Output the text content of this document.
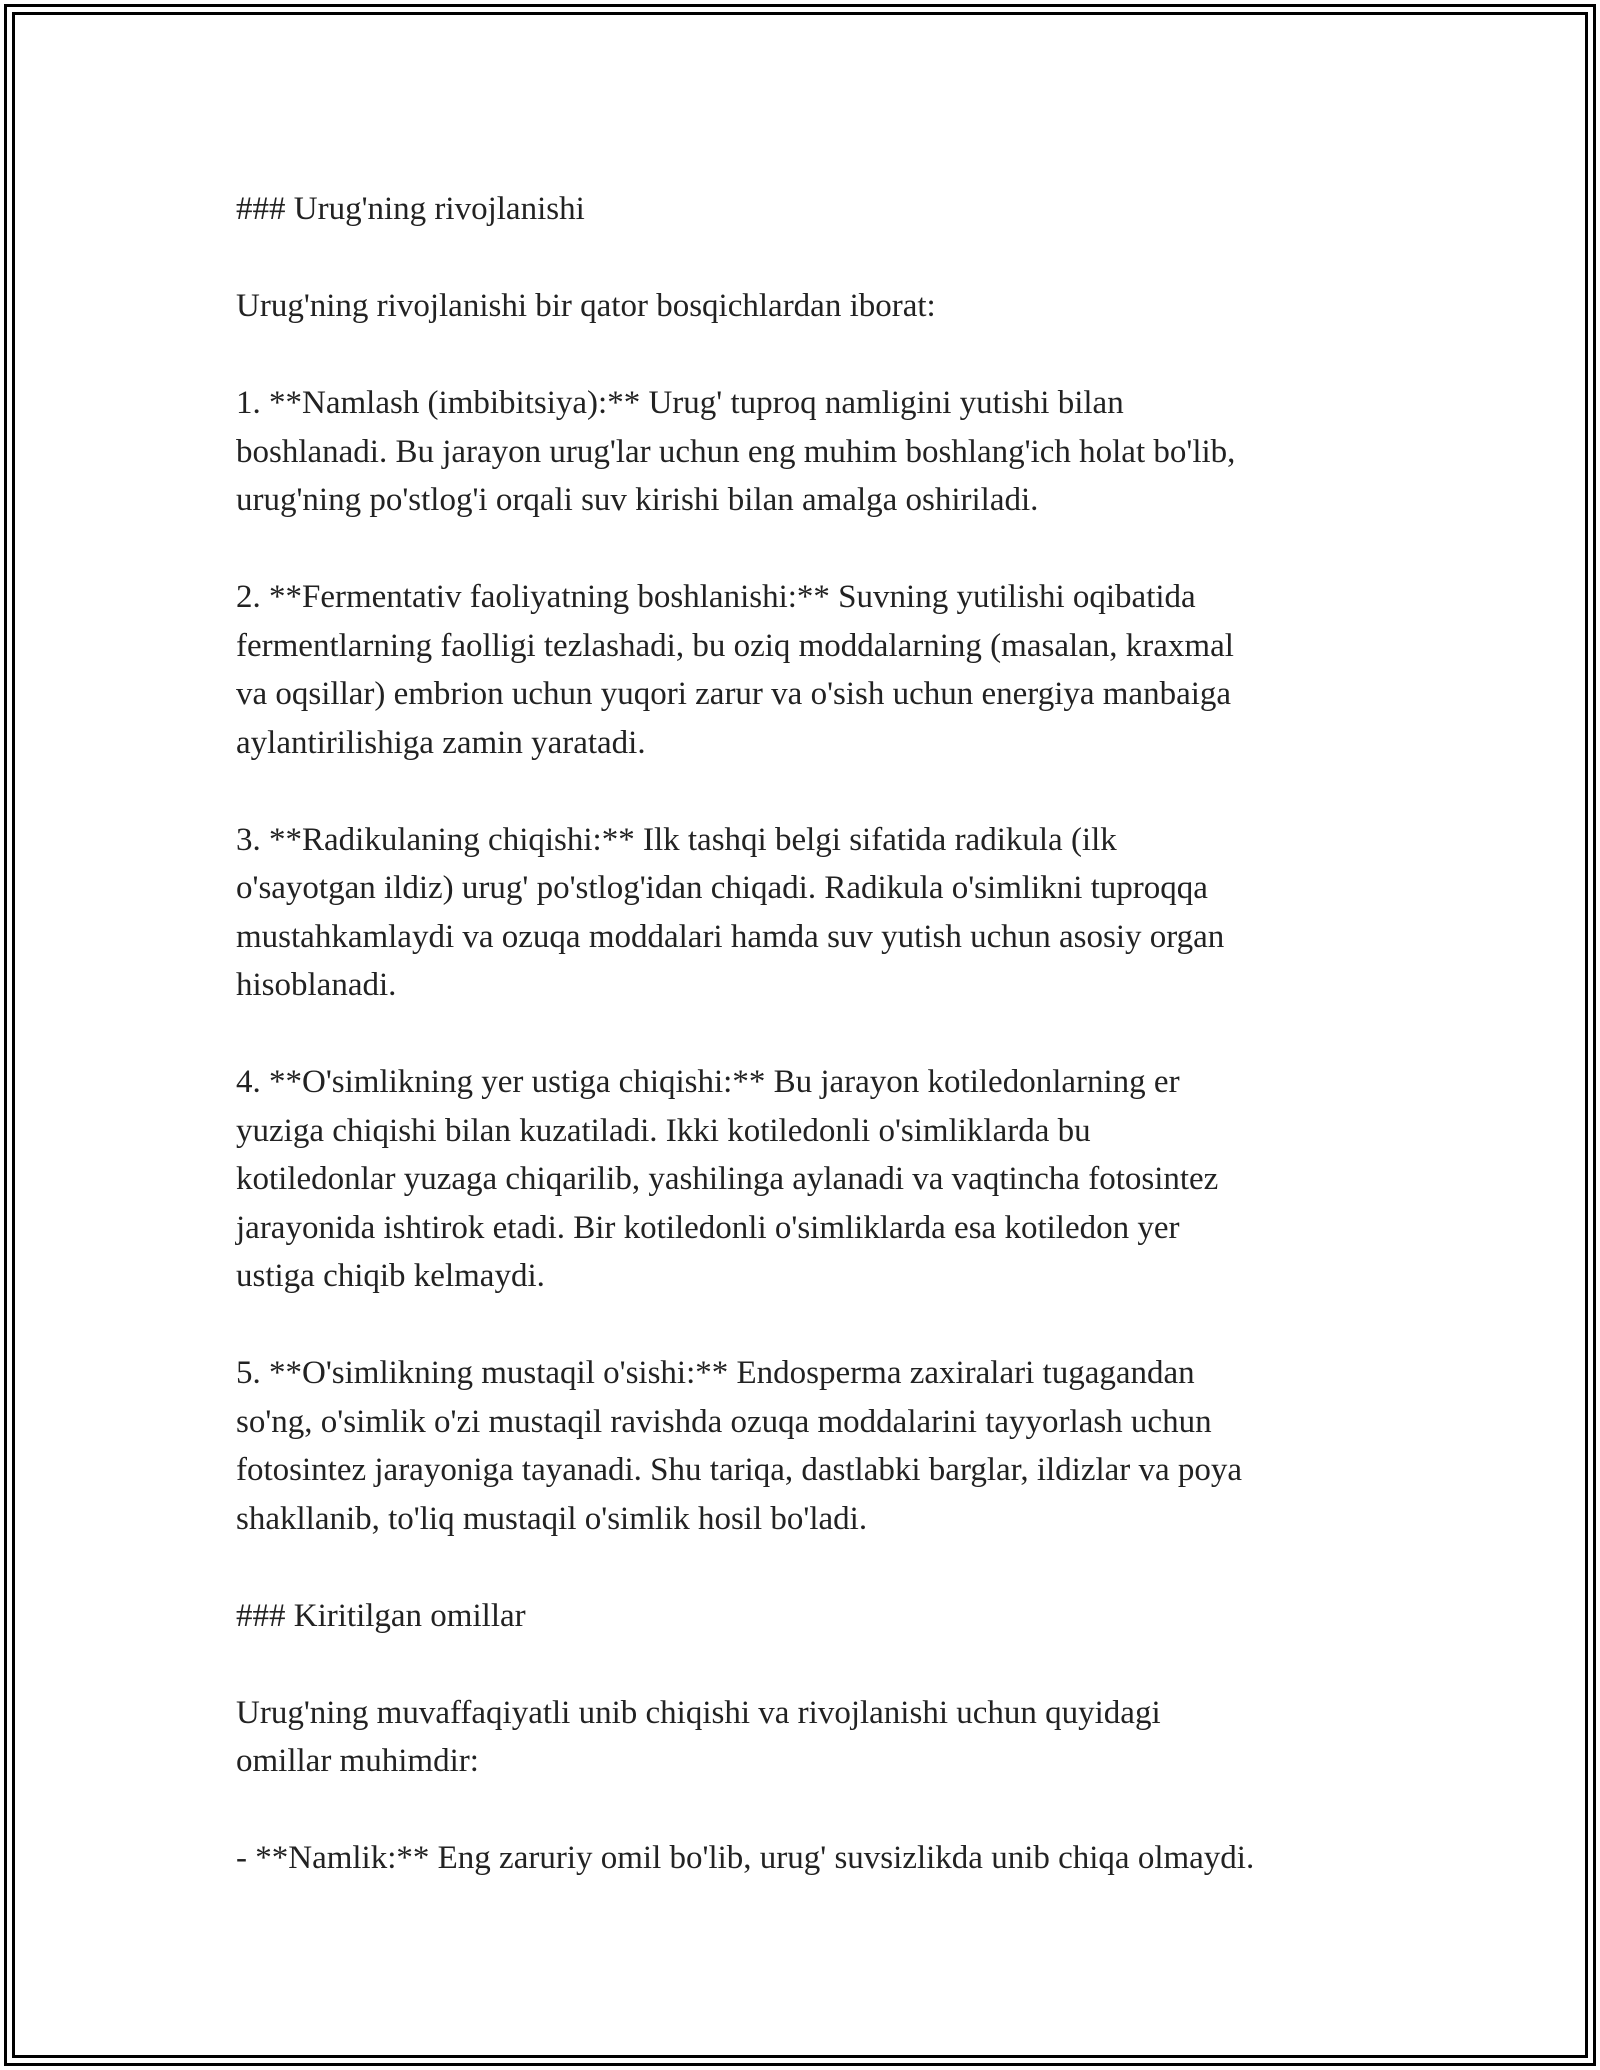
### Urug'ning rivojlanishi

Urug'ning rivojlanishi bir qator bosqichlardan iborat:

1. **Namlash (imbibitsiya):** Urug' tuproq namligini yutishi bilan
boshlanadi. Bu jarayon urug'lar uchun eng muhim boshlang'ich holat bo'lib,
urug'ning po'stlog'i orqali suv kirishi bilan amalga oshiriladi.

2. **Fermentativ faoliyatning boshlanishi:** Suvning yutilishi oqibatida
fermentlarning faolligi tezlashadi, bu oziq moddalarning (masalan, kraxmal
va oqsillar) embrion uchun yuqori zarur va o'sish uchun energiya manbaiga
aylantirilishiga zamin yaratadi.

3. **Radikulaning chiqishi:** Ilk tashqi belgi sifatida radikula (ilk
o'sayotgan ildiz) urug' po'stlog'idan chiqadi. Radikula o'simlikni tuproqqa
mustahkamlaydi va ozuqa moddalari hamda suv yutish uchun asosiy organ
hisoblanadi.

4. **O'simlikning yer ustiga chiqishi:** Bu jarayon kotiledonlarning er
yuziga chiqishi bilan kuzatiladi. Ikki kotiledonli o'simliklarda bu
kotiledonlar yuzaga chiqarilib, yashilinga aylanadi va vaqtincha fotosintez
jarayonida ishtirok etadi. Bir kotiledonli o'simliklarda esa kotiledon yer
ustiga chiqib kelmaydi.

5. **O'simlikning mustaqil o'sishi:** Endosperma zaxiralari tugagandan
so'ng, o'simlik o'zi mustaqil ravishda ozuqa moddalarini tayyorlash uchun
fotosintez jarayoniga tayanadi. Shu tariqa, dastlabki barglar, ildizlar va poya
shakllanib, to'liq mustaqil o'simlik hosil bo'ladi.

### Kiritilgan omillar

Urug'ning muvaffaqiyatli unib chiqishi va rivojlanishi uchun quyidagi
omillar muhimdir:

- **Namlik:** Eng zaruriy omil bo'lib, urug' suvsizlikda unib chiqa olmaydi.
